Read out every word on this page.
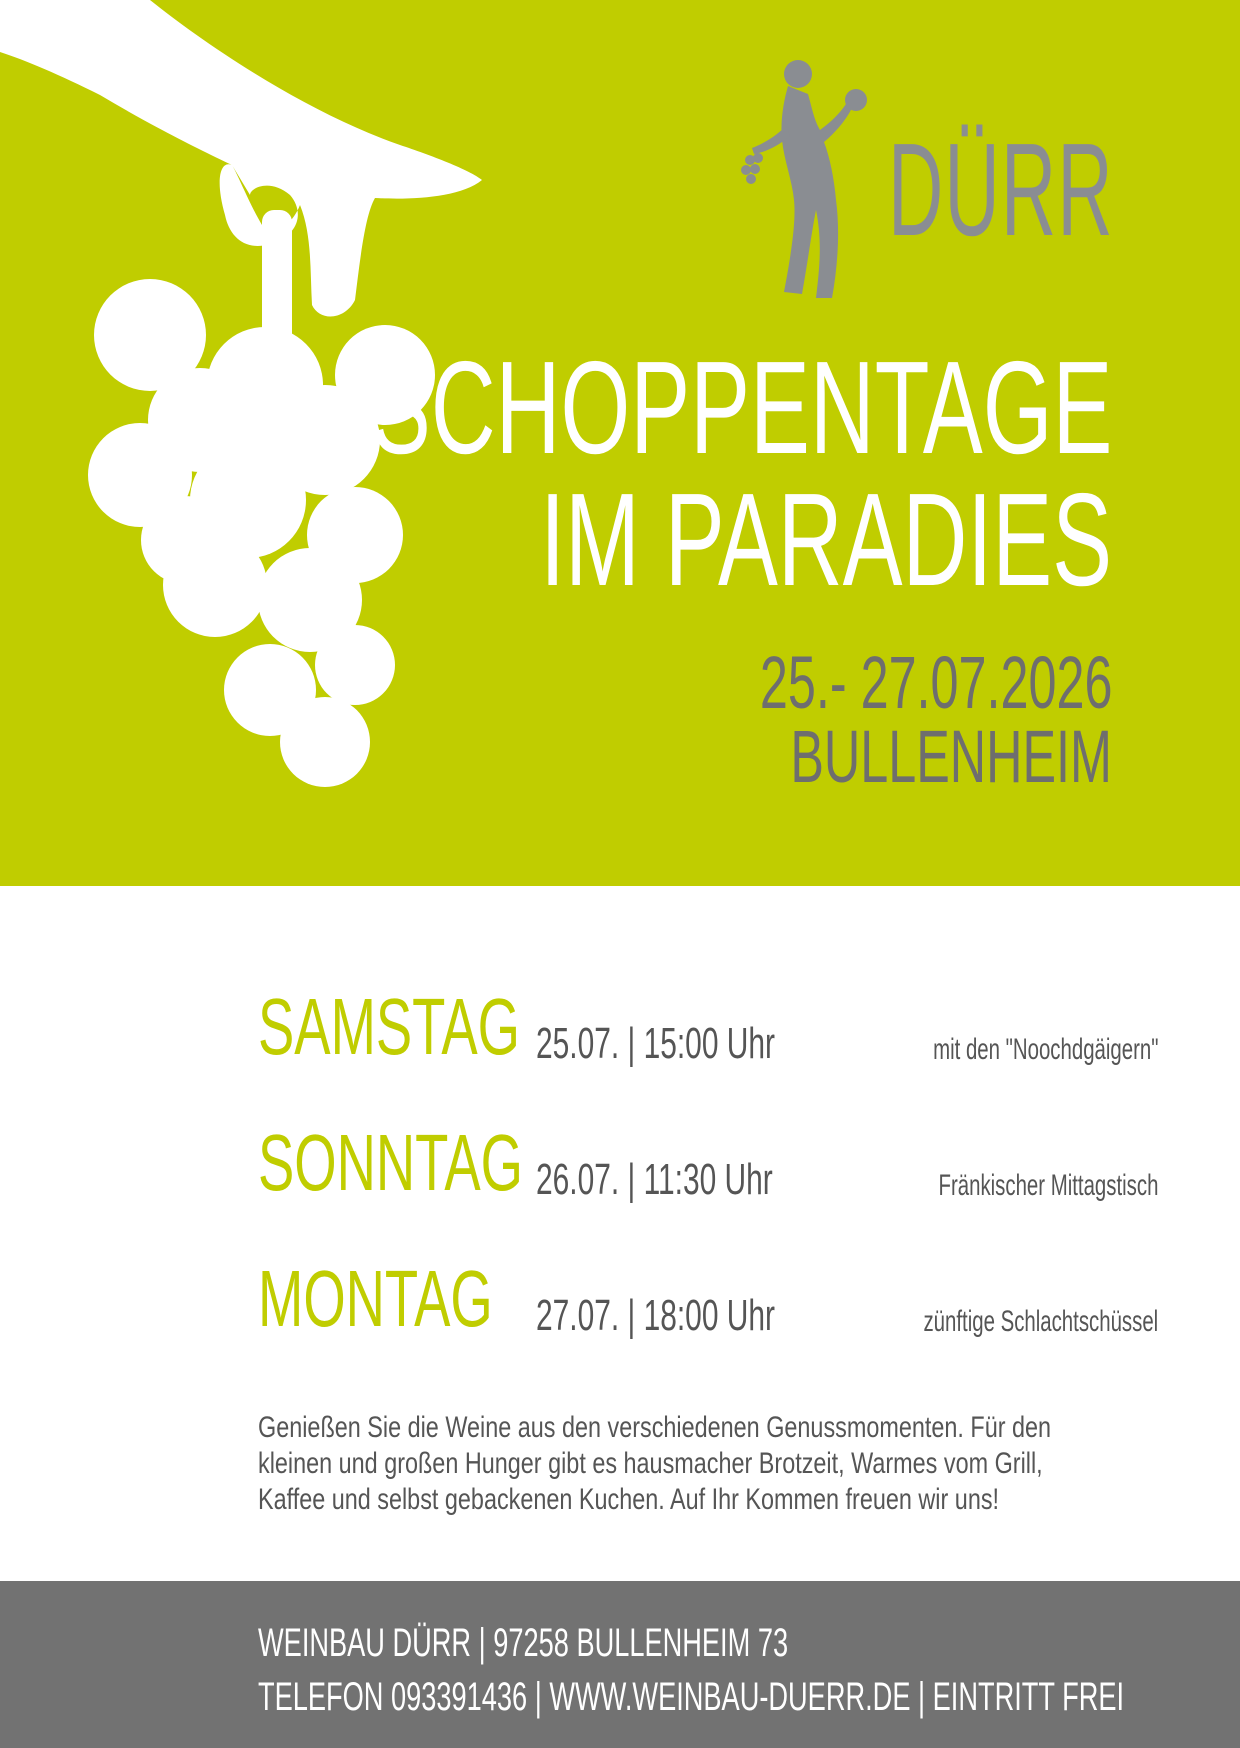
DÜRR
SCHOPPENTAGE
IM PARADIES
25.- 27.07.2026
BULLENHEIM
SAMSTAG 25.07. | 15:00 Uhr	mit den "Noochdgäigern"
SONNTAG 26.07. | 11:30 Uhr	Fränkischer Mittagstisch
MONTAG 27.07. | 18:00 Uhr	zünftige Schlachtschüssel
Genießen Sie die Weine aus den verschiedenen Genussmomenten. Für den
kleinen und großen Hunger gibt es hausmacher Brotzeit, Warmes vom Grill,
Kaffee und selbst gebackenen Kuchen. Auf Ihr Kommen freuen wir uns!
WEINBAU DÜRR | 97258 BULLENHEIM 73
TELEFON 093391436 | WWW.WEINBAU-DUERR.DE | EINTRITT FREI
